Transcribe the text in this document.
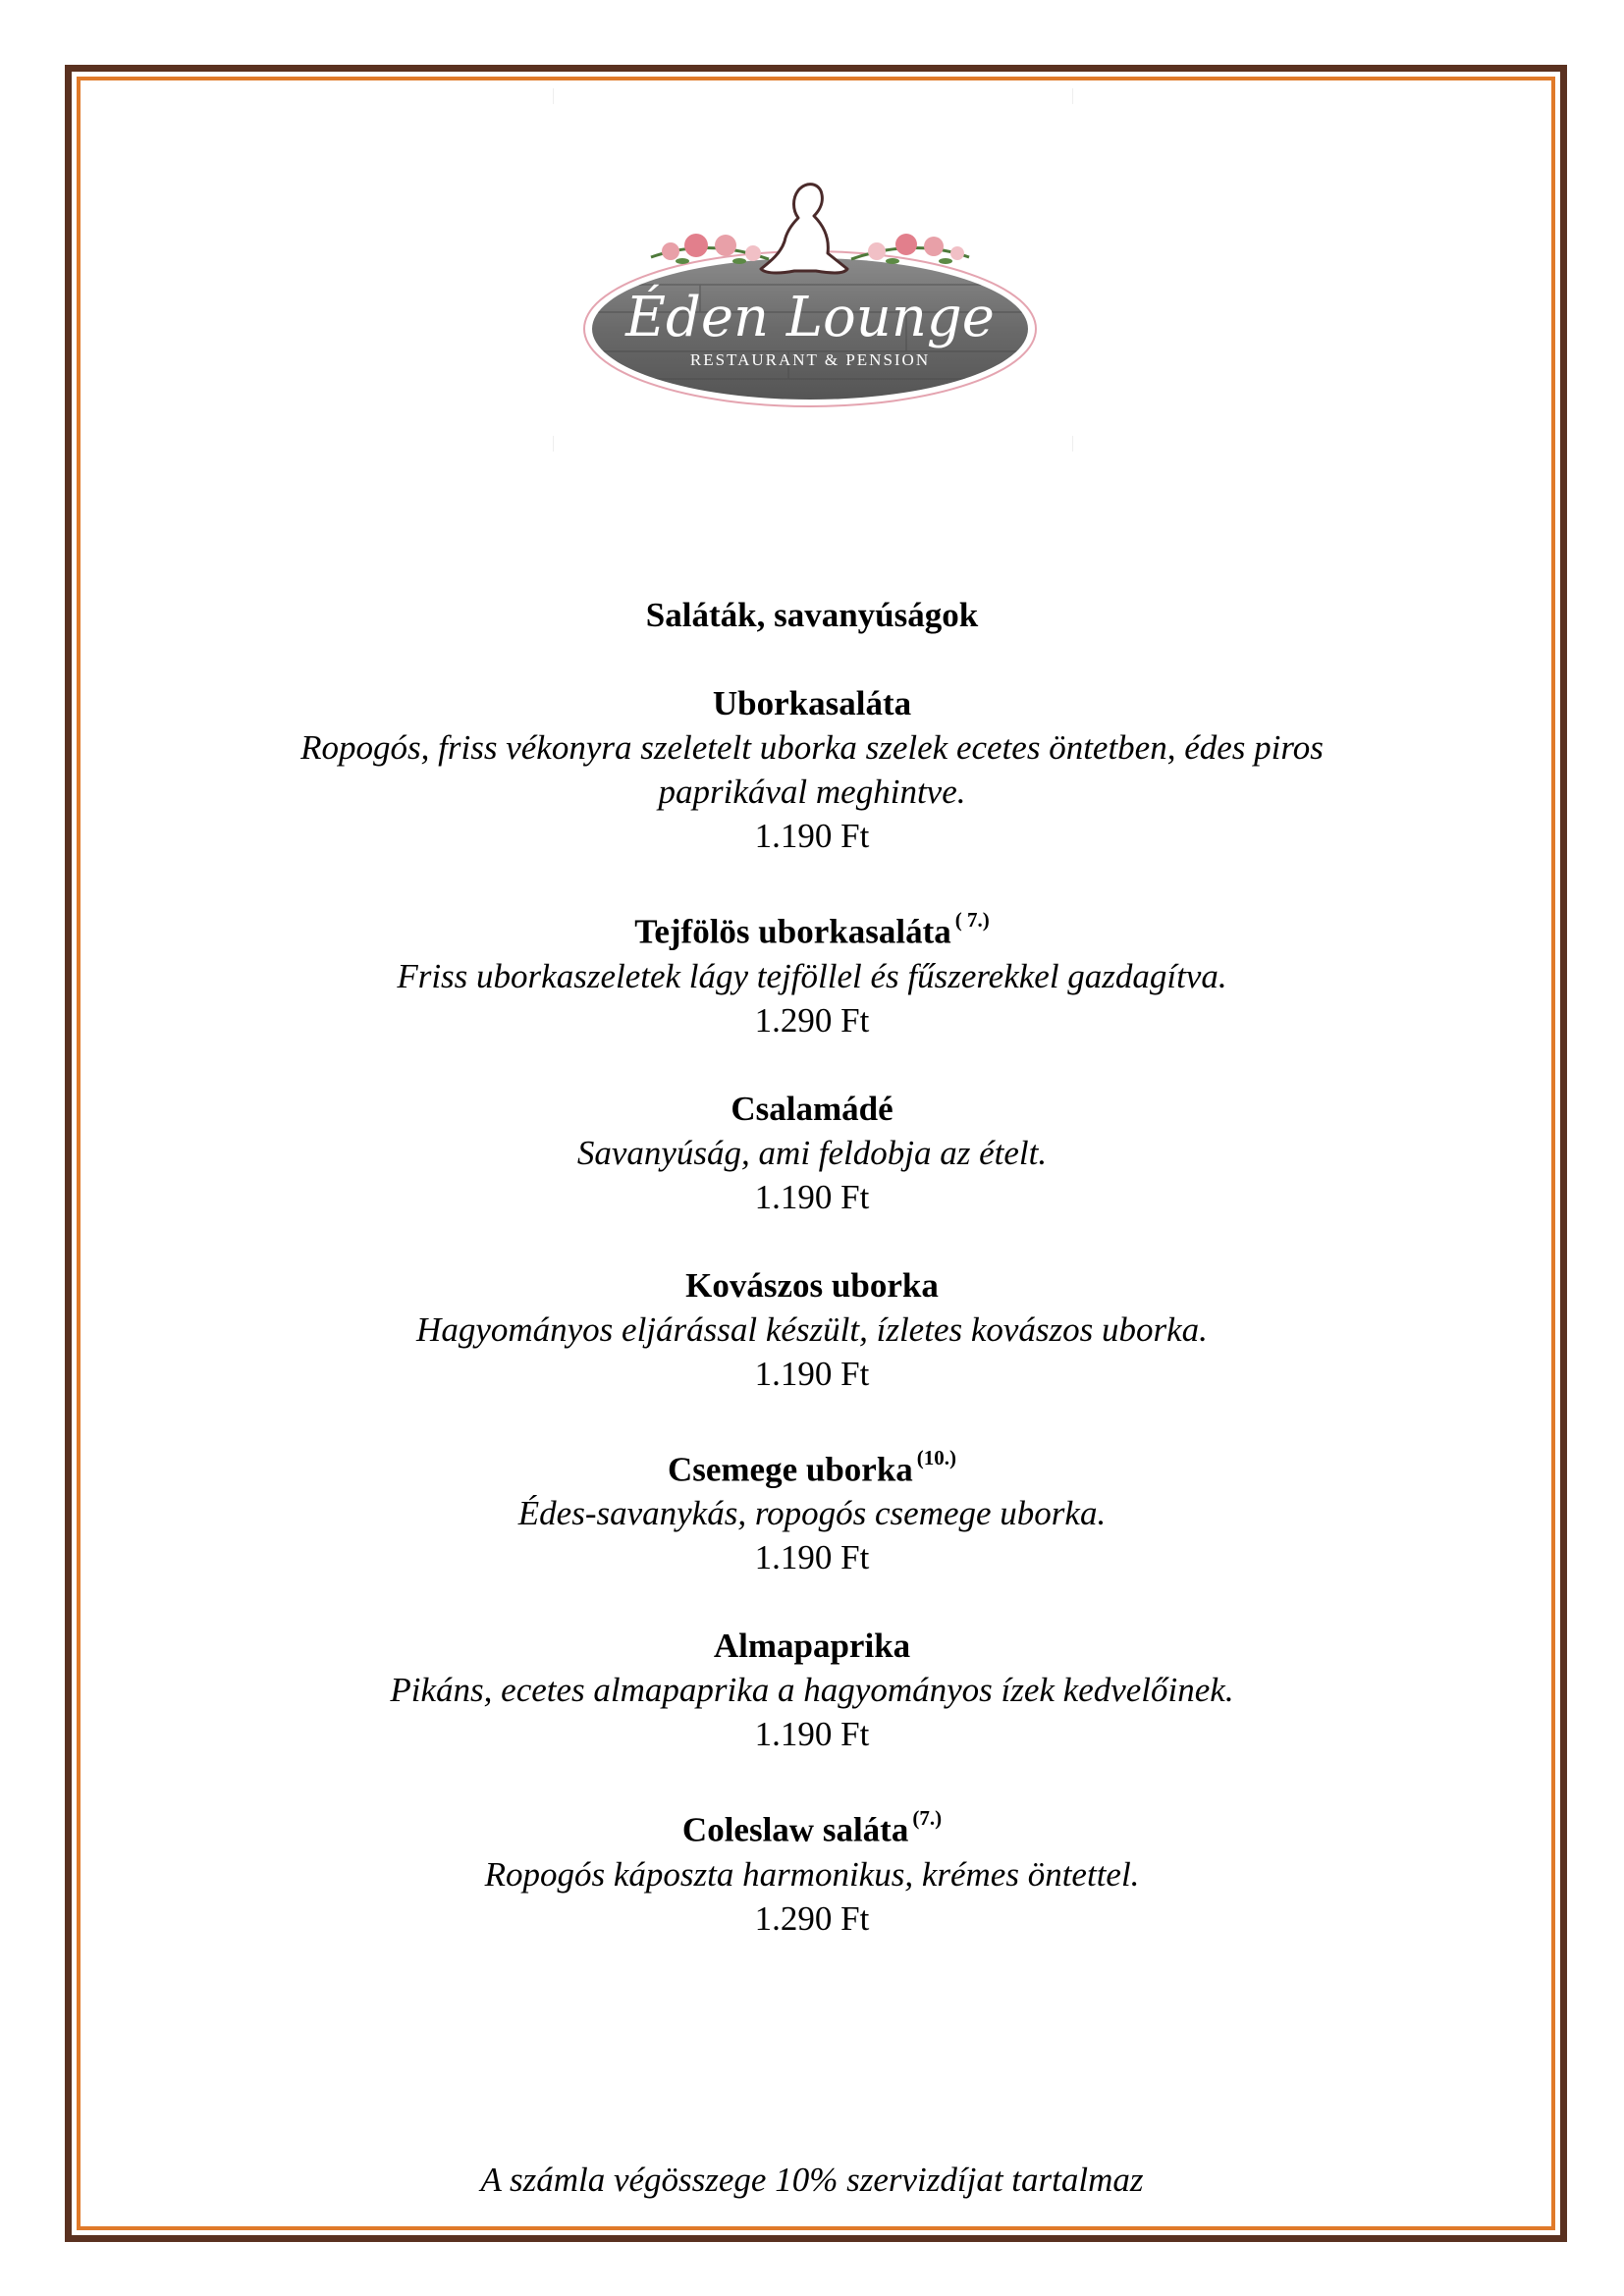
Éden Lounge
RESTAURANT & PENSION
Saláták, savanyúságok
Uborkasaláta
Ropogós, friss vékonyra szeletelt uborka szelek ecetes öntetben, édes piros paprikával meghintve.
1.190 Ft
Tejfölös uborkasaláta $^{( 7.)}$
Friss uborkaszeletek lágy tejföllel és fűszerekkel gazdagítva.
1.290 Ft
Csalamádé
Savanyúság, ami feldobja az ételt.
1.190 Ft
Kovászos uborka
Hagyományos eljárással készült, ízletes kovászos uborka.
1.190 Ft
Csemege uborka $^{(10.)}$
Édes-savanykás, ropogós csemege uborka.
1.190 Ft
Almapaprika
Pikáns, ecetes almapaprika a hagyományos ízek kedvelőinek.
1.190 Ft
Coleslaw saláta $^{(7.)}$
Ropogós káposzta harmonikus, krémes öntettel.
1.290 Ft
A számla végösszege 10% szervizdíjat tartalmaz
